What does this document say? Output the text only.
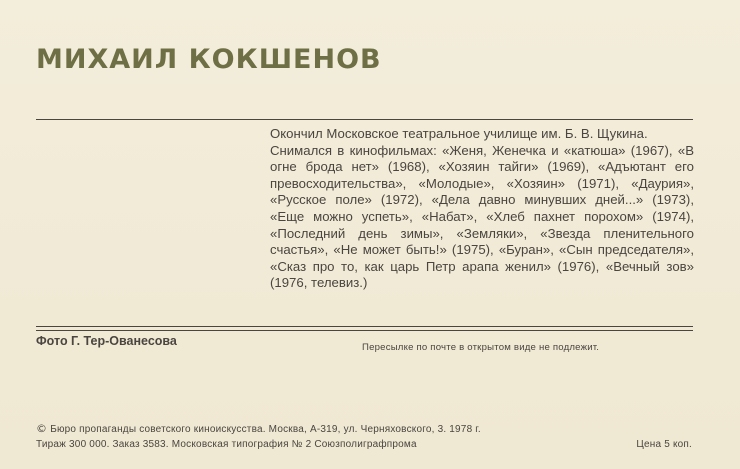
МИХАИЛ КОКШЕНОВ

Окончил Московское театральное училище им. Б. В. Щукина.

Снимался в кинофильмах: «Женя, Женечка и «катюша» (1967), «В огне брода нет» (1968), «Хозяин тайги» (1969), «Адъютант его превосходительства», «Молодые», «Хозяин» (1971), «Даурия», «Русское поле» (1972), «Дела давно минувших дней...» (1973), «Еще можно успеть», «Набат», «Хлеб пахнет порохом» (1974), «Последний день зимы», «Земляки», «Звезда пленительного счастья», «Не может быть!» (1975), «Буран», «Сын председателя», «Сказ про то, как царь Петр арапа женил» (1976), «Вечный зов» (1976, телевиз.)

Фото Г. Тер-Ованесова	Пересылке по почте в открытом виде не подлежит.
© Бюро пропаганды советского киноискусства. Москва, А-319, ул. Черняховского, 3. 1978 г.
Тираж 300 000. Заказ 3583. Московская типография № 2 Союзполиграфпрома	Цена 5 коп.
